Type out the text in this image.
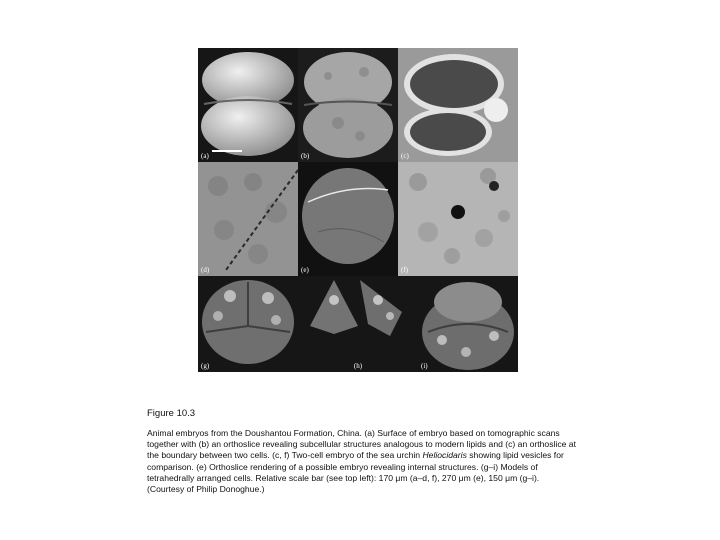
(a)	(b)	(c)
(d)	(e)	(f)
(g)	(h)	(i)
Figure 10.3

Animal embryos from the Doushantou Formation, China. (a) Surface of embryo based on tomographic scans together with (b) an orthoslice revealing subcellular structures analogous to modern lipids and (c) an orthoslice at the boundary between two cells. (c, f) Two-cell embryo of the sea urchin Heliocidaris showing lipid vesicles for comparison. (e) Orthoslice rendering of a possible embryo revealing internal structures. (g–i) Models of tetrahedrally arranged cells. Relative scale bar (see top left): 170 μm (a–d, f), 270 μm (e), 150 μm (g–i).

(Courtesy of Philip Donoghue.)
